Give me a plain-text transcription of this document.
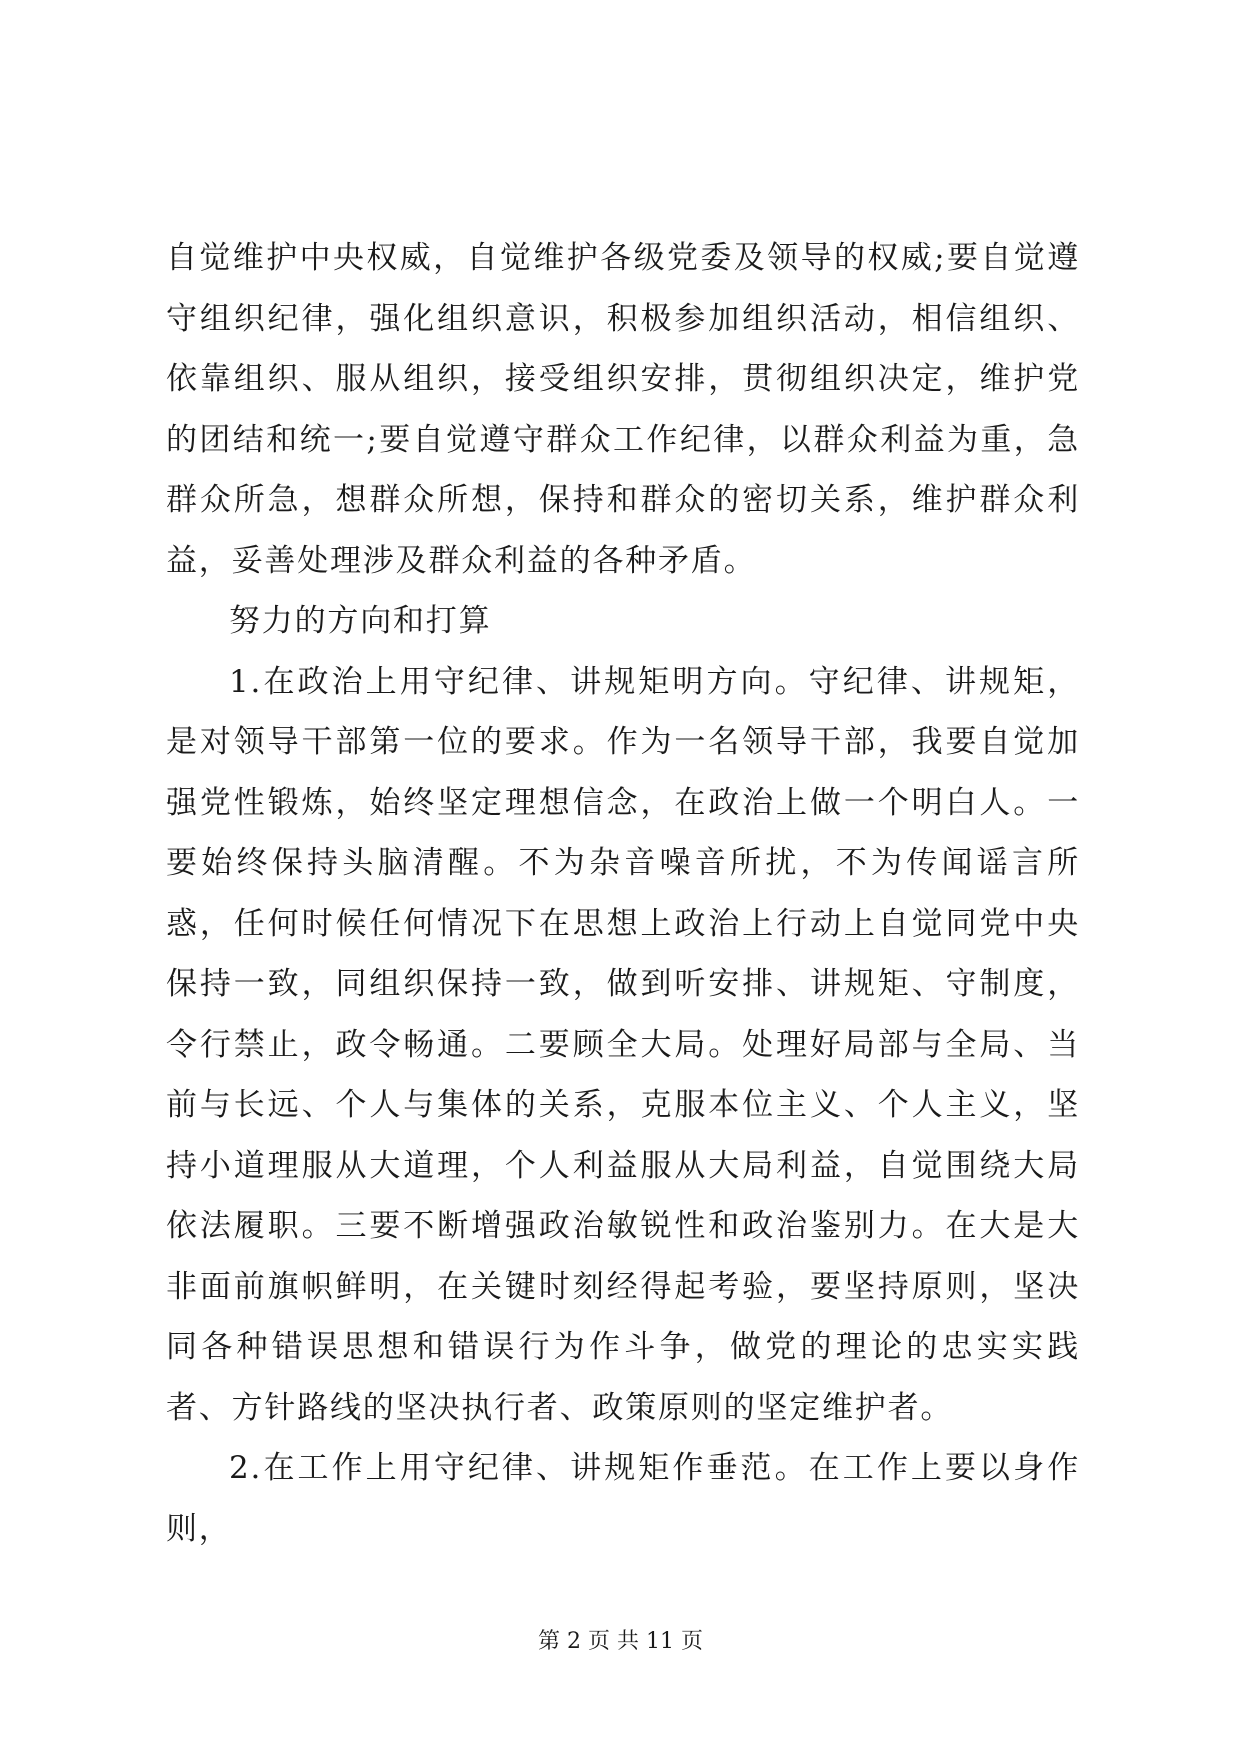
自觉维护中央权威，自觉维护各级党委及领导的权威;要自觉遵守组织纪律，强化组织意识，积极参加组织活动，相信组织、依靠组织、服从组织，接受组织安排，贯彻组织决定，维护党的团结和统一;要自觉遵守群众工作纪律，以群众利益为重，急群众所急，想群众所想，保持和群众的密切关系，维护群众利益，妥善处理涉及群众利益的各种矛盾。

努力的方向和打算

1.在政治上用守纪律、讲规矩明方向。守纪律、讲规矩，是对领导干部第一位的要求。作为一名领导干部，我要自觉加强党性锻炼，始终坚定理想信念，在政治上做一个明白人。一要始终保持头脑清醒。不为杂音噪音所扰，不为传闻谣言所惑，任何时候任何情况下在思想上政治上行动上自觉同党中央保持一致，同组织保持一致，做到听安排、讲规矩、守制度，令行禁止，政令畅通。二要顾全大局。处理好局部与全局、当前与长远、个人与集体的关系，克服本位主义、个人主义，坚持小道理服从大道理，个人利益服从大局利益，自觉围绕大局依法履职。三要不断增强政治敏锐性和政治鉴别力。在大是大非面前旗帜鲜明，在关键时刻经得起考验，要坚持原则，坚决同各种错误思想和错误行为作斗争，做党的理论的忠实实践者、方针路线的坚决执行者、政策原则的坚定维护者。

2.在工作上用守纪律、讲规矩作垂范。在工作上要以身作则，

第 2 页 共 11 页
